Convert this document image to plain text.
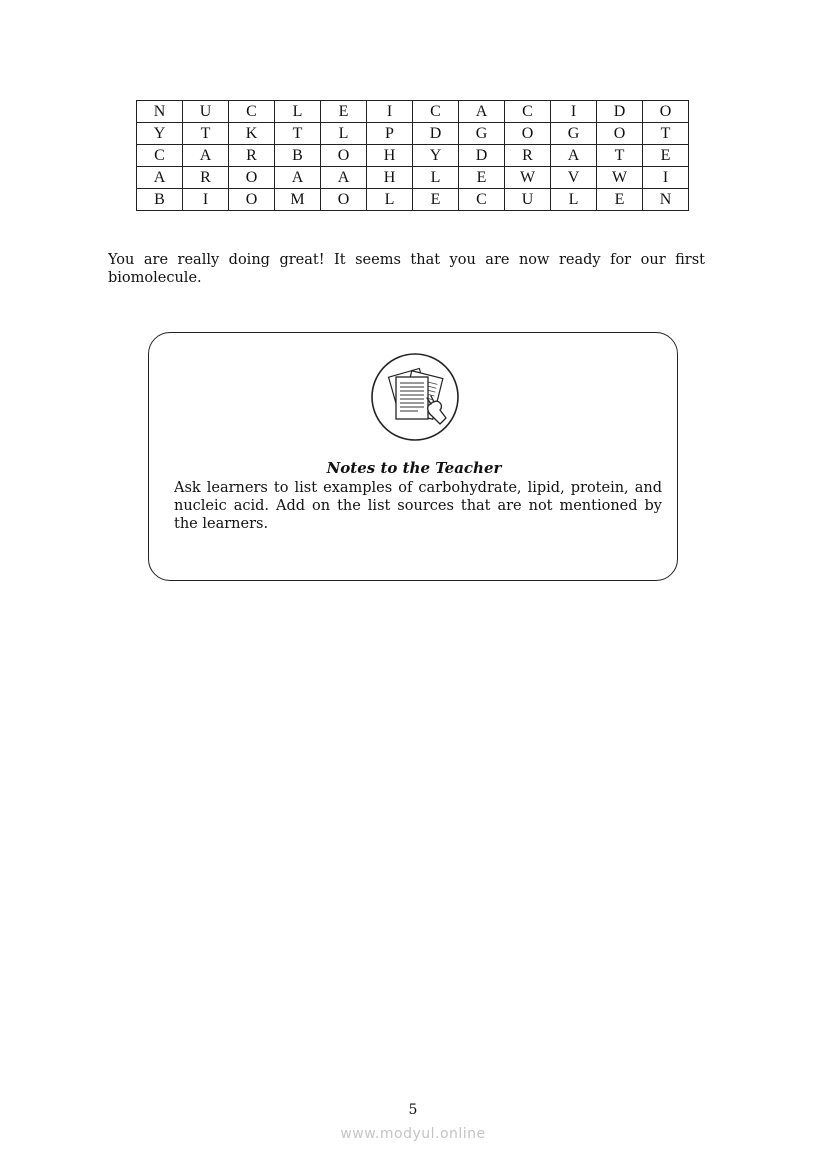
N	U	C	L	E	I	C	A	C	I	D	O
Y	T	K	T	L	P	D	G	O	G	O	T
C	A	R	B	O	H	Y	D	R	A	T	E
A	R	O	A	A	H	L	E	W	V	W	I
B	I	O	M	O	L	E	C	U	L	E	N

You are really doing great! It seems that you are now ready for our first biomolecule.

Notes to the Teacher

Ask learners to list examples of carbohydrate, lipid, protein, and nucleic acid. Add on the list sources that are not mentioned by the learners.

5
www.modyul.online
